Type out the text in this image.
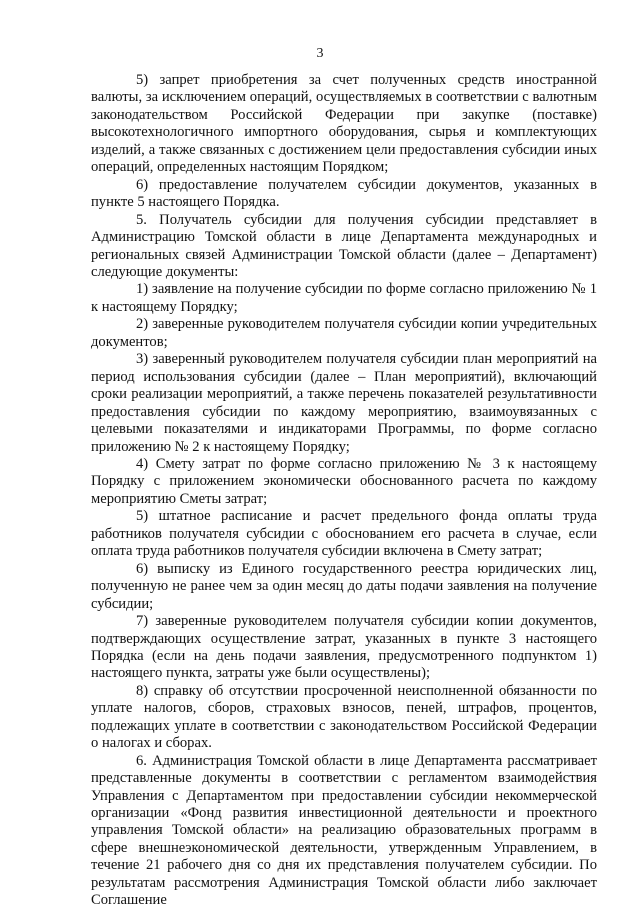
3

5) запрет приобретения за счет полученных средств иностранной валюты, за исключением операций, осуществляемых в соответствии с валютным законодательством Российской Федерации при закупке (поставке) высокотехнологичного импортного оборудования, сырья и комплектующих изделий, а также связанных с достижением цели предоставления субсидии иных операций, определенных настоящим Порядком;

6) предоставление получателем субсидии документов, указанных в пункте 5 настоящего Порядка.

5. Получатель субсидии для получения субсидии представляет в Администрацию Томской области в лице Департамента международных и региональных связей Администрации Томской области (далее – Департамент) следующие документы:

1) заявление на получение субсидии по форме согласно приложению № 1 к настоящему Порядку;

2) заверенные руководителем получателя субсидии копии учредительных документов;

3) заверенный руководителем получателя субсидии план мероприятий на период использования субсидии (далее – План мероприятий), включающий сроки реализации мероприятий, а также перечень показателей результативности предоставления субсидии по каждому мероприятию, взаимоувязанных с целевыми показателями и индикаторами Программы, по форме согласно приложению № 2 к настоящему Порядку;

4) Смету затрат по форме согласно приложению № 3 к настоящему Порядку с приложением экономически обоснованного расчета по каждому мероприятию Сметы затрат;

5) штатное расписание и расчет предельного фонда оплаты труда работников получателя субсидии с обоснованием его расчета в случае, если оплата труда работников получателя субсидии включена в Смету затрат;

6) выписку из Единого государственного реестра юридических лиц, полученную не ранее чем за один месяц до даты подачи заявления на получение субсидии;

7) заверенные руководителем получателя субсидии копии документов, подтверждающих осуществление затрат, указанных в пункте 3 настоящего Порядка (если на день подачи заявления, предусмотренного подпунктом 1) настоящего пункта, затраты уже были осуществлены);

8) справку об отсутствии просроченной неисполненной обязанности по уплате налогов, сборов, страховых взносов, пеней, штрафов, процентов, подлежащих уплате в соответствии с законодательством Российской Федерации о налогах и сборах.

6. Администрация Томской области в лице Департамента рассматривает представленные документы в соответствии с регламентом взаимодействия Управления с Департаментом при предоставлении субсидии некоммерческой организации «Фонд развития инвестиционной деятельности и проектного управления Томской области» на реализацию образовательных программ в сфере внешнеэкономической деятельности, утвержденным Управлением, в течение 21 рабочего дня со дня их представления получателем субсидии. По результатам рассмотрения Администрация Томской области либо заключает Соглашение
